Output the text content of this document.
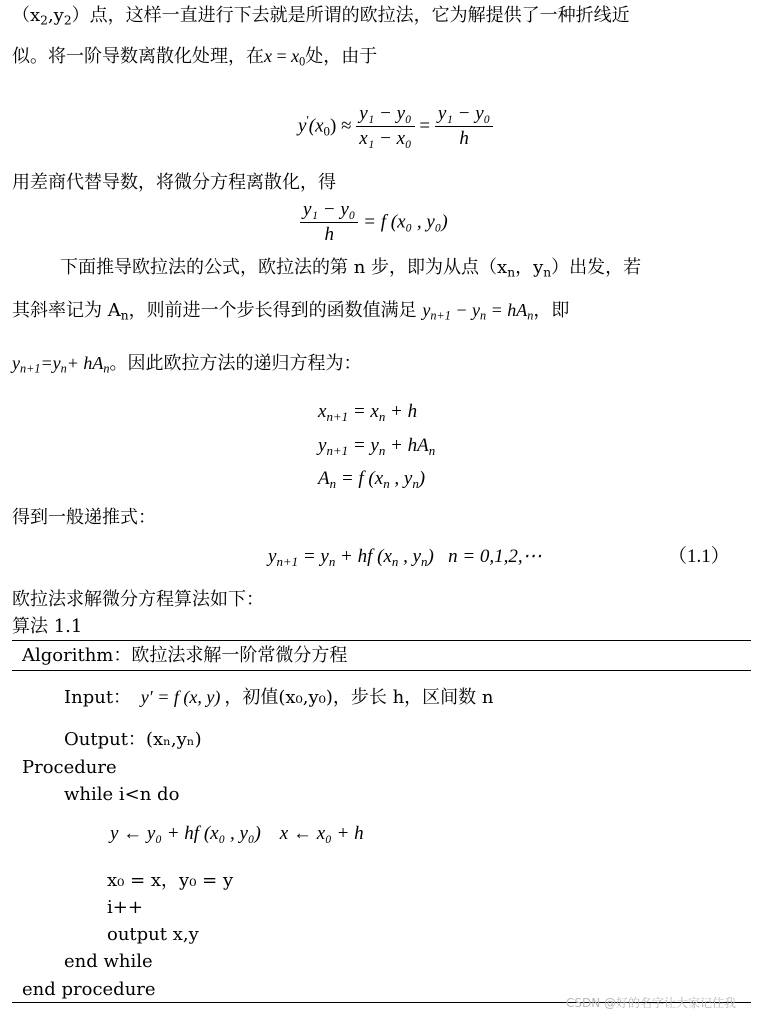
$(x_2,y_2)$点，这样一直进行下去就是所谓的欧拉法，它为解提供了一种折线近
似。将一阶导数离散化处理，在$x = x_0$处，由于
$y'(x_0) \approx \frac{\text{y₁ − y₀}}{\text{x₁ − x₀}} = \frac{\text{y₁ − y₀}}{h}$
用差商代替导数，将微分方程离散化，得
$\frac{\text{y₁ − y₀}}{h} = f$ (x₀ , y₀)
下面推导欧拉法的公式，欧拉法的第 n 步，即为从点（$x_n$，$y_n$）出发，若
其斜率记为 $A_n$，则前进一个步长得到的函数值满足 $y_{n+1} - y_n = hA_n$，即
$y_{n+1}=y_n+ hA_n$。因此欧拉方法的递归方程为：
$x_{n+1} = x_n + h$
$y_{n+1} = y_n + hA_n$
$A_n = f$ ($x_n$ , $y_n$)
得到一般递推式：
$y_{n+1} = y_n$ + hf ($x_n$ , $y_n$)   n = 0,1,2,⋯	（1.1）
欧拉法求解微分方程算法如下：
算法 1.1
Algorithm：欧拉法求解一阶常微分方程
Input： y′ = f (x, y) ，初值(x₀,y₀)，步长 h，区间数 n
Output：(xₙ,yₙ)
Procedure
while i<n do
y ← y₀ + hf (x₀ , y₀)    x ← x₀ + h
x₀ = x，y₀ = y
i++
output x,y
end while
end procedure
CSDN @好的名字让大家记住我
